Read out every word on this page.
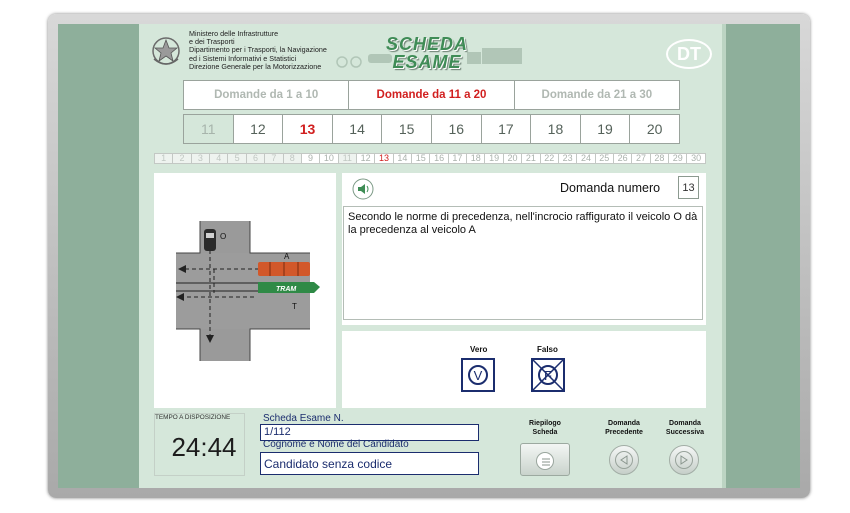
Ministero delle Infrastrutture
e dei Trasporti
Dipartimento per i Trasporti, la Navigazione
ed i Sistemi Informativi e Statistici
Direzione Generale per la Motorizzazione
SCHEDA
ESAME	DT
Domande da 1 a 10	Domande da 11 a 20	Domande da 21 a 30
11	12	13	14	15	16	17	18	19	20
1	2	3	4	5	6	7	8	9	10 11 12 13 14 15 16 17 18 19 20 21 22 23 24 25 26 27 28 29 30
TRAM
O
A
T
Domanda numero	13
Secondo le norme di precedenza, nell'incrocio raffigurato il veicolo O dà la precedenza al veicolo A
Vero
V
Falso
F
TEMPO A DISPOSIZIONE
24:44
Scheda Esame N.
1/112
Cognome e Nome del Candidato
Candidato senza codice
Riepilogo
Scheda
Domanda
Precedente
Domanda
Successiva
